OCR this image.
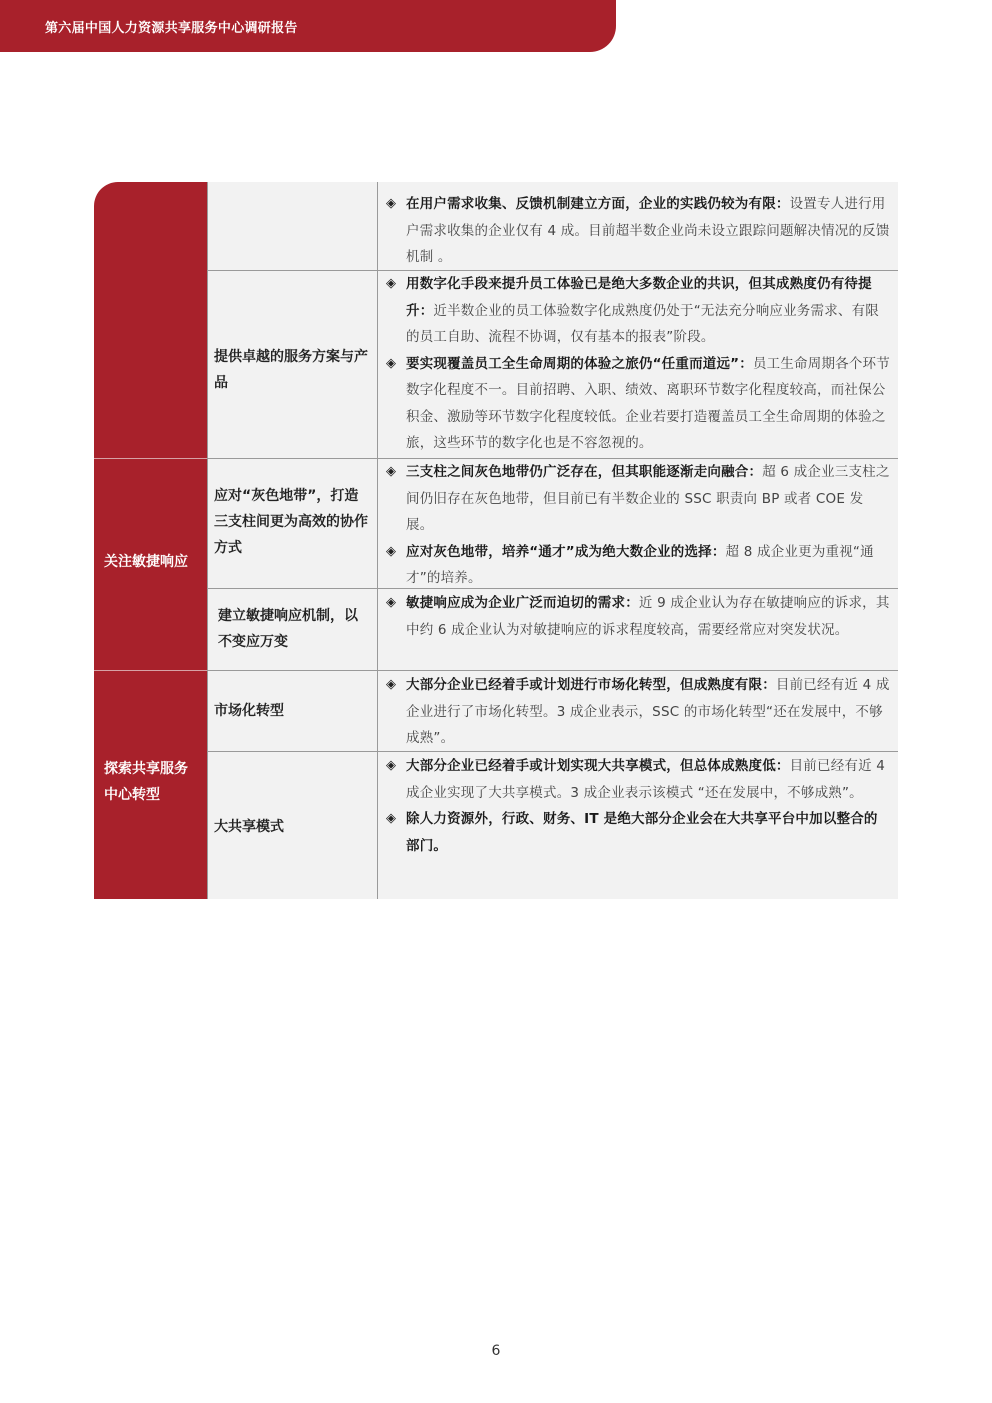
第六届中国人力资源共享服务中心调研报告
关注敏捷响应
探索共享服务中心转型
◈ 在用户需求收集、反馈机制建立方面，企业的实践仍较为有限：设置专人进行用户需求收集的企业仅有 4 成。目前超半数企业尚未设立跟踪问题解决情况的反馈机制 。
提供卓越的服务方案与产品
◈ 用数字化手段来提升员工体验已是绝大多数企业的共识，但其成熟度仍有待提升：近半数企业的员工体验数字化成熟度仍处于“无法充分响应业务需求、有限的员工自助、流程不协调，仅有基本的报表”阶段。
◈ 要实现覆盖员工全生命周期的体验之旅仍“任重而道远”：员工生命周期各个环节数字化程度不一。目前招聘、入职、绩效、离职环节数字化程度较高，而社保公积金、激励等环节数字化程度较低。企业若要打造覆盖员工全生命周期的体验之旅，这些环节的数字化也是不容忽视的。
应对“灰色地带”，打造三支柱间更为高效的协作方式
◈ 三支柱之间灰色地带仍广泛存在，但其职能逐渐走向融合：超 6 成企业三支柱之间仍旧存在灰色地带，但目前已有半数企业的 SSC 职责向 BP 或者 COE 发展。
◈ 应对灰色地带，培养“通才”成为绝大数企业的选择：超 8 成企业更为重视“通才”的培养。
建立敏捷响应机制，以不变应万变
◈ 敏捷响应成为企业广泛而迫切的需求：近 9 成企业认为存在敏捷响应的诉求，其中约 6 成企业认为对敏捷响应的诉求程度较高，需要经常应对突发状况。
市场化转型
◈ 大部分企业已经着手或计划进行市场化转型，但成熟度有限：目前已经有近 4 成企业进行了市场化转型。3 成企业表示，SSC 的市场化转型“还在发展中，不够成熟”。
大共享模式
◈ 大部分企业已经着手或计划实现大共享模式，但总体成熟度低：目前已经有近 4 成企业实现了大共享模式。3 成企业表示该模式 “还在发展中，不够成熟”。
◈ 除人力资源外，行政、财务、IT 是绝大部分企业会在大共享平台中加以整合的部门。
6
